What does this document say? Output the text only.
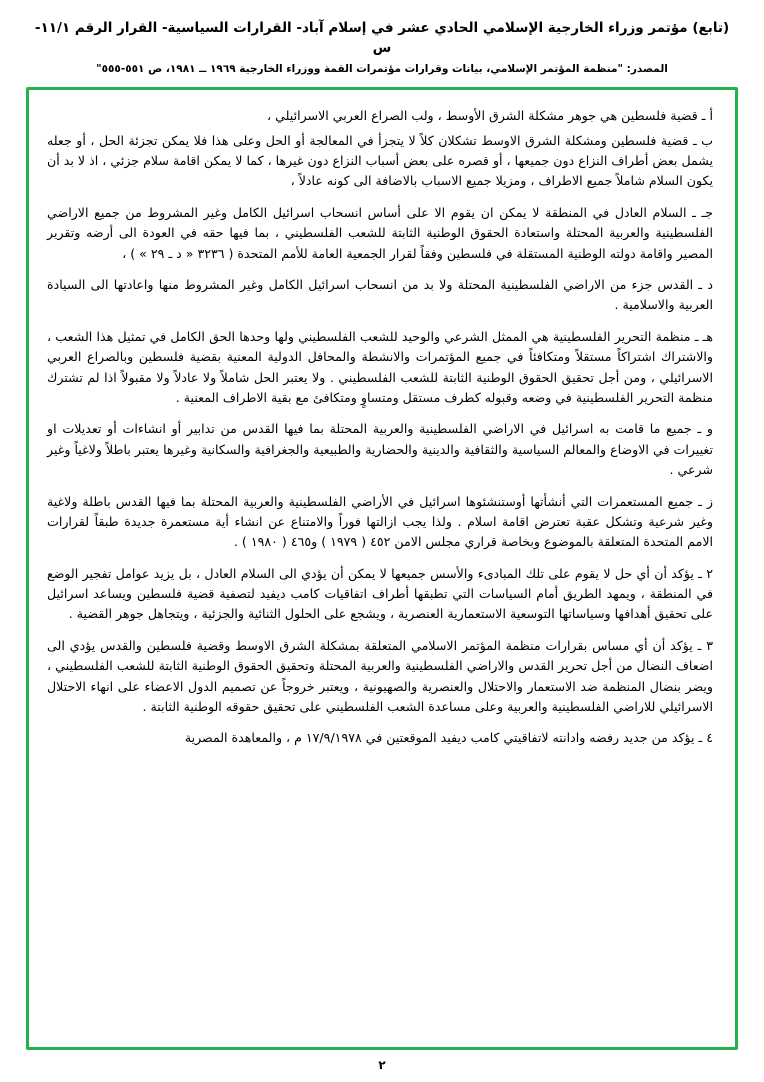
(تابع) مؤتمر وزراء الخارجية الإسلامي الحادي عشر في إسلام آباد- القرارات السياسية- القرار الرقم ١١/١- س
المصدر: "منظمة المؤتمر الإسلامي، بيانات وقرارات مؤتمرات القمة ووزراء الخارجية ١٩٦٩ ــ ١٩٨١، ص ٥٥١-٥٥٥"

أ ـ قضية فلسطين هي جوهر مشكلة الشرق الأوسط ، ولب الصراع العربي الاسرائيلي ،

ب ـ قضية فلسطين ومشكلة الشرق الاوسط تشكلان كلاً لا يتجزأ في المعالجة أو الحل وعلى هذا فلا يمكن تجزئة الحل ، أو جعله يشمل بعض أطراف النزاع دون جميعها ، أو قصره على بعض أسباب النزاع دون غيرها ، كما لا يمكن اقامة سلام جزئي ، اذ لا بد أن يكون السلام شاملاً جميع الاطراف ، ومزيلا جميع الاسباب بالاضافة الى كونه عادلاً ،

جـ ـ السلام العادل في المنطقة لا يمكن ان يقوم الا على أساس انسحاب اسرائيل الكامل وغير المشروط من جميع الاراضي الفلسطينية والعربية المحتلة واستعادة الحقوق الوطنية الثابتة للشعب الفلسطيني ، بما فيها حقه في العودة الى أرضه وتقرير المصير واقامة دولته الوطنية المستقلة في فلسطين وفقاً لقرار الجمعية العامة للأمم المتحدة ( ٣٢٣٦ « د ـ ٢٩ » ) ،

د ـ القدس جزء من الاراضي الفلسطينية المحتلة ولا بد من انسحاب اسرائيل الكامل وغير المشروط منها واعادتها الى السيادة العربية والاسلامية .

هـ ـ منظمة التحرير الفلسطينية هي الممثل الشرعي والوحيد للشعب الفلسطيني ولها وحدها الحق الكامل في تمثيل هذا الشعب ، والاشتراك اشتراكاً مستقلاً ومتكافئاً في جميع المؤتمرات والانشطة والمحافل الدولية المعنية بقضية فلسطين وبالصراع العربي الاسرائيلي ، ومن أجل تحقيق الحقوق الوطنية الثابتة للشعب الفلسطيني . ولا يعتبر الحل شاملاً ولا عادلاً ولا مقبولاً اذا لم تشترك منظمة التحرير الفلسطينية في وضعه وقبوله كطرف مستقل ومتساوٍ ومتكافئ مع بقية الاطراف المعنية .

و ـ جميع ما قامت به اسرائيل في الاراضي الفلسطينية والعربية المحتلة بما فيها القدس من تدابير أو انشاءات أو تعديلات او تغييرات في الاوضاع والمعالم السياسية والثقافية والدينية والحضارية والطبيعية والجغرافية والسكانية وغيرها يعتبر باطلاً ولاغياً وغير شرعي .

ز ـ جميع المستعمرات التي أنشأتها أوستنشئوها اسرائيل في الأراضي الفلسطينية والعربية المحتلة بما فيها القدس باطلة ولاغية وغير شرعية وتشكل عقبة تعترض اقامة اسلام . ولذا يجب ازالتها فوراً والامتناع عن انشاء أية مستعمرة جديدة طبقاً لقرارات الامم المتحدة المتعلقة بالموضوع وبخاصة قراري مجلس الامن ٤٥٢ ( ١٩٧٩ ) و٤٦٥ ( ١٩٨٠ ) .

٢ ـ يؤكد أن أي حل لا يقوم على تلك المبادىء والأسس جميعها لا يمكن أن يؤدي الى السلام العادل ، بل يزيد عوامل تفجير الوضع في المنطقة ، ويمهد الطريق أمام السياسات التي تطبقها أطراف اتفاقيات كامب ديفيد لتصفية قضية فلسطين ويساعد اسرائيل على تحقيق أهدافها وسياساتها التوسعية الاستعمارية العنصرية ، ويشجع على الحلول الثنائية والجزئية ، ويتجاهل جوهر القضية .

٣ ـ يؤكد أن أي مساس بقرارات منظمة المؤتمر الاسلامي المتعلقة بمشكلة الشرق الاوسط وقضية فلسطين والقدس يؤدي الى اضعاف النضال من أجل تحرير القدس والاراضي الفلسطينية والعربية المحتلة وتحقيق الحقوق الوطنية الثابتة للشعب الفلسطيني ، ويضر بنضال المنظمة ضد الاستعمار والاحتلال والعنصرية والصهيونية ، ويعتبر خروجاً عن تصميم الدول الاعضاء على انهاء الاحتلال الاسرائيلي للاراضي الفلسطينية والعربية وعلى مساعدة الشعب الفلسطيني على تحقيق حقوقه الوطنية الثابتة .

٤ ـ يؤكد من جديد رفضه وادانته لاتفاقيتي كامب ديفيد الموقعتين في ١٧/٩/١٩٧٨ م ، والمعاهدة المصرية

٢
